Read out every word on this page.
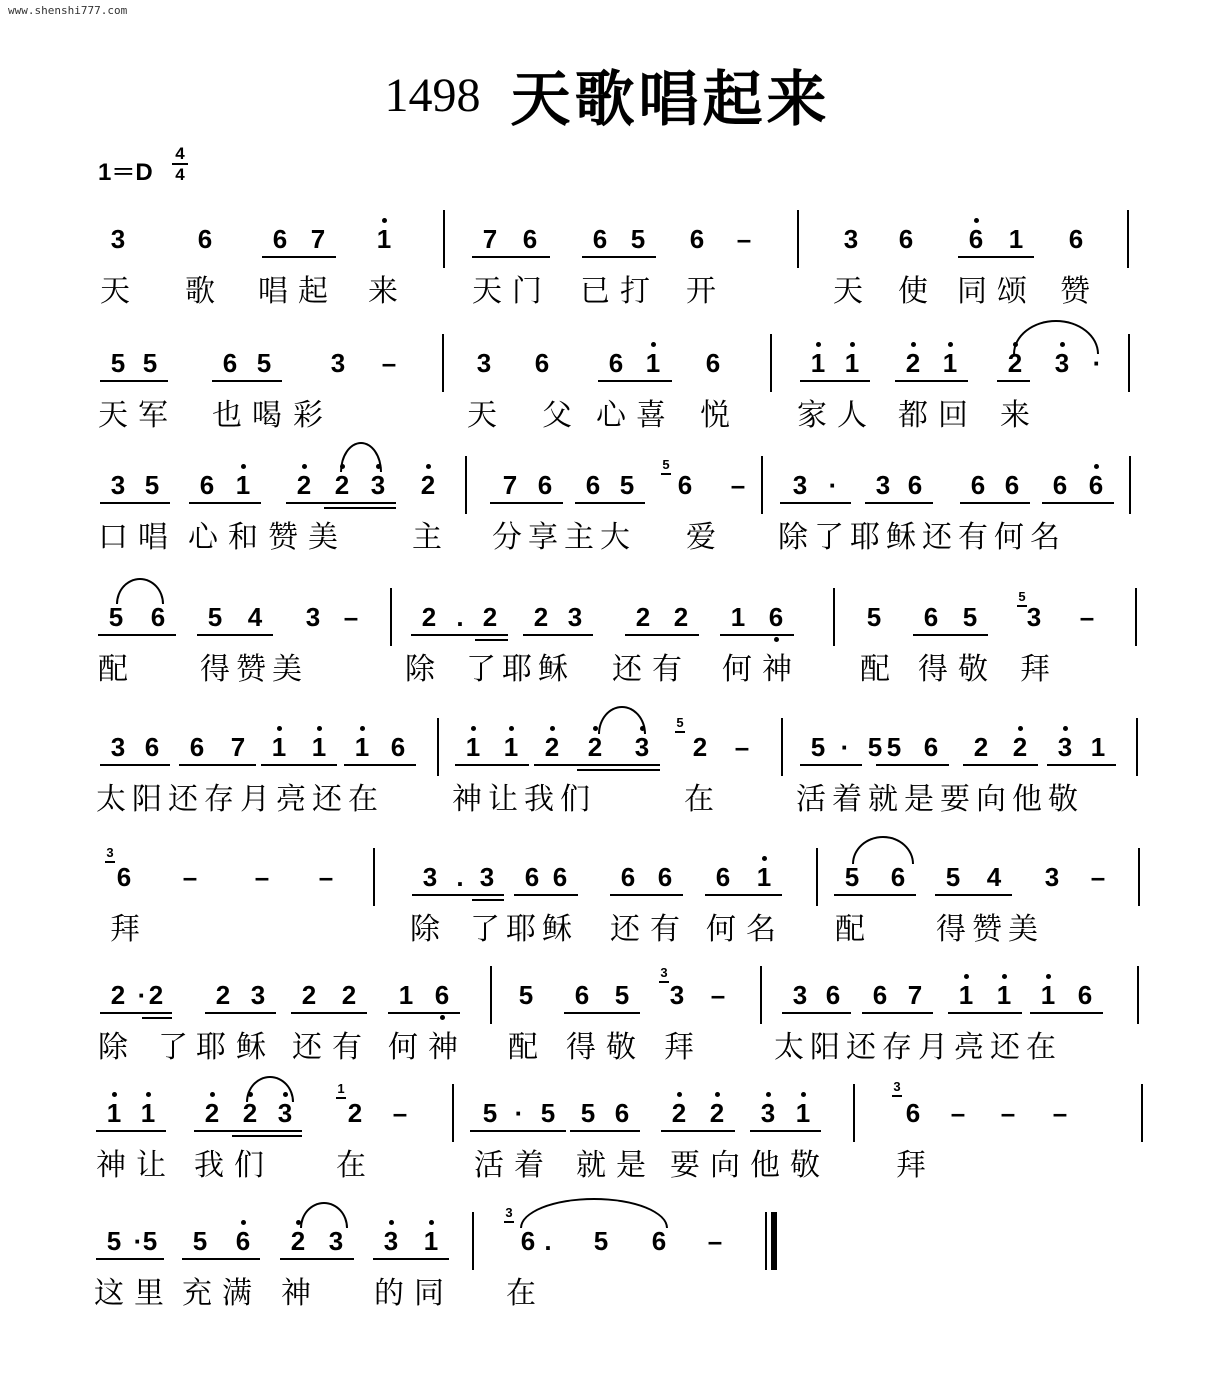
www.shenshi777.com
1498 天歌唱起来
1＝D
4
4
3	6	6 7	1	7 6	6 5	6	–	3	6	6 1	6
天 歌 唱起 来 天门 已打 开	天 使 同颂 赞
5 5	6 5	3	–	3	6	6 1	6	1 1	2 1	2	3 ·
天军 也喝 彩	天 父 心喜 悦 家人 都回 来
3 5	6 1	2 2 3	2	7 6	6 5	6	–	3 ·	3 6	6 6	6 6
5
口唱 心和 赞美 主 分享主大 爱 除了耶稣还有何名
5	6	5 4	3 –	2 . 2	2 3	2 2	1 6	5	6 5	3	–
5
配 得赞美	除 了耶稣 还有 何神 配 得敬 拜
3 6	6	7	1 1	1 6	1 1	2	2	3	2	–	5 · 5 5 6	2 2	3 1
5
太阳还存月亮还在 神让我们	在	活着就是要向他敬
6	–	–	–	3 . 3	6 6	6 6	6	1	5	6	5	4	3	–
3
拜	除 了耶稣 还有 何名 配 得赞美
2 · 2	2 3	2 2	1 6	5	6 5	3	–	3 6	6 7	1 1	1 6
3
除 了 耶稣 还有 何神 配 得敬 拜	太阳还存月亮还在
1 1	2 2 3	2	–	5 · 5 5 6	2 2	3 1	6	–	–	–
1	3
神让 我们 在	活着 就是 要向 他敬 拜
5 · 5	5	6	2 3	3 1	6 .	5	6	–
3
这里 充满 神 的同 在
